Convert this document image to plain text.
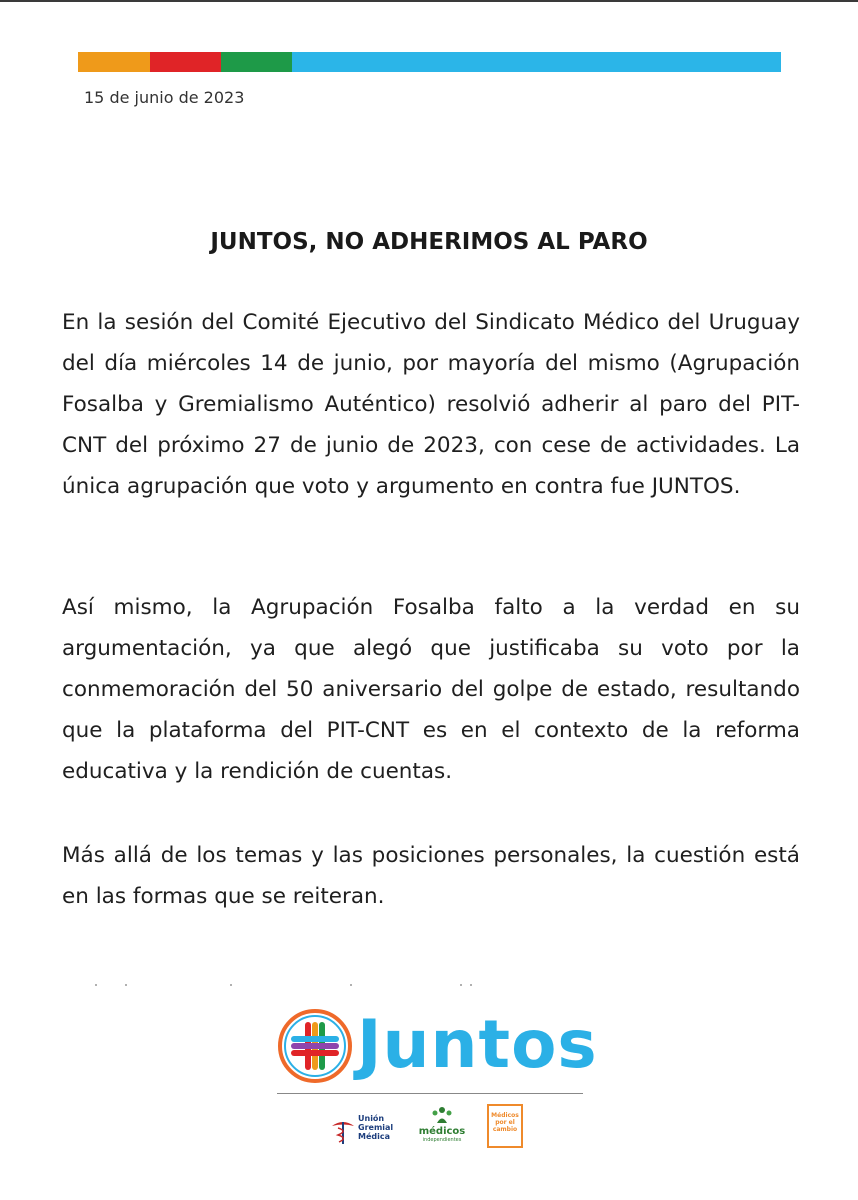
15 de junio de 2023
JUNTOS, NO ADHERIMOS AL PARO

En la sesión del Comité Ejecutivo del Sindicato Médico del Uruguay del día miércoles 14 de junio, por mayoría del mismo (Agrupación Fosalba y Gremialismo Auténtico) resolvió adherir al paro del PIT-CNT del próximo 27 de junio de 2023, con cese de actividades. La única agrupación que voto y argumento en contra fue JUNTOS.

Así mismo, la Agrupación Fosalba falto a la verdad en su argumentación, ya que alegó que justificaba su voto por la conmemoración del 50 aniversario del golpe de estado, resultando que la plataforma del PIT-CNT es en el contexto de la reforma educativa y la rendición de cuentas.

Más allá de los temas y las posiciones personales, la cuestión está en las formas que se reiteran.

Juntos
Unión
Gremial
Médica	médicos
independientes
Médicos
por el
cambio
